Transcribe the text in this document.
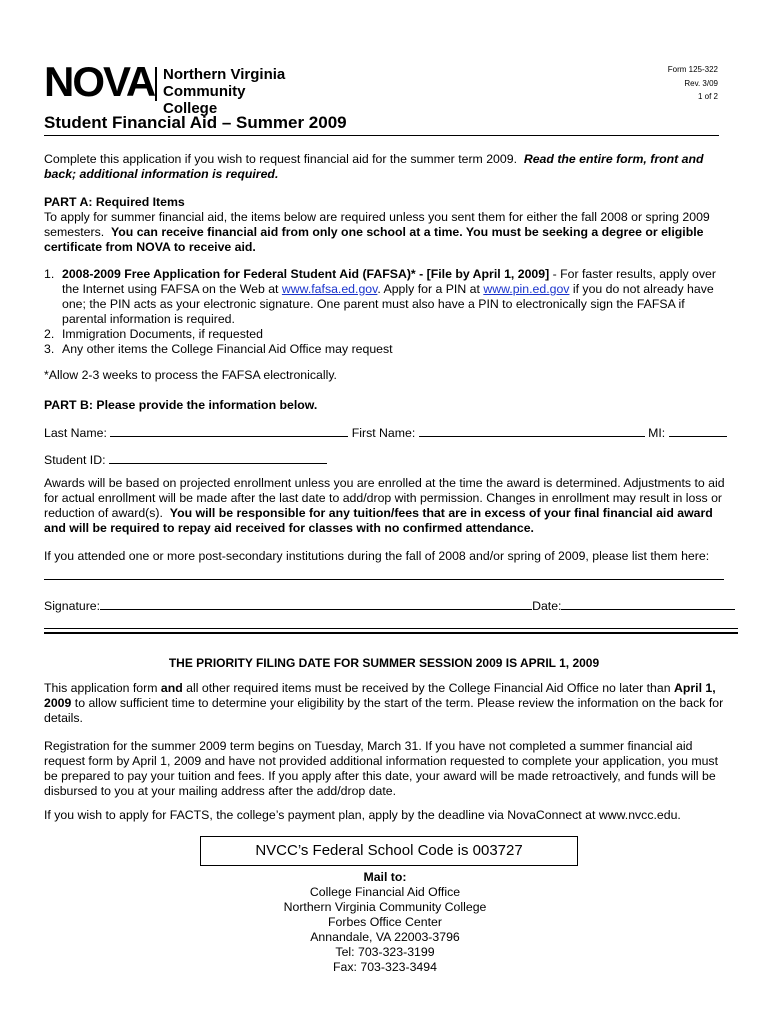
NOVA Northern Virginia
Community College
Form 125-322
Rev. 3/09
1 of 2
Student Financial Aid – Summer 2009

Complete this application if you wish to request financial aid for the summer term 2009. Read the entire form, front and back; additional information is required.

PART A: Required Items

To apply for summer financial aid, the items below are required unless you sent them for either the fall 2008 or spring 2009 semesters. You can receive financial aid from only one school at a time. You must be seeking a degree or eligible certificate from NOVA to receive aid.

1. 2008-2009 Free Application for Federal Student Aid (FAFSA)* - [File by April 1, 2009] - For faster results, apply over the Internet using FAFSA on the Web at www.fafsa.ed.gov. Apply for a PIN at www.pin.ed.gov if you do not already have one; the PIN acts as your electronic signature. One parent must also have a PIN to electronically sign the FAFSA if parental information is required.
2. Immigration Documents, if requested
3. Any other items the College Financial Aid Office may request
*Allow 2-3 weeks to process the FAFSA electronically.
PART B: Please provide the information below.
Last Name:	First Name:	MI:
Student ID:

Awards will be based on projected enrollment unless you are enrolled at the time the award is determined. Adjustments to aid for actual enrollment will be made after the last date to add/drop with permission. Changes in enrollment may result in loss or reduction of award(s). You will be responsible for any tuition/fees that are in excess of your final financial aid award and will be required to repay aid received for classes with no confirmed attendance.

If you attended one or more post-secondary institutions during the fall of 2008 and/or spring of 2009, please list them here:
Signature:	Date:
THE PRIORITY FILING DATE FOR SUMMER SESSION 2009 IS APRIL 1, 2009

This application form and all other required items must be received by the College Financial Aid Office no later than April 1, 2009 to allow sufficient time to determine your eligibility by the start of the term. Please review the information on the back for details.

Registration for the summer 2009 term begins on Tuesday, March 31. If you have not completed a summer financial aid request form by April 1, 2009 and have not provided additional information requested to complete your application, you must be prepared to pay your tuition and fees. If you apply after this date, your award will be made retroactively, and funds will be disbursed to you at your mailing address after the add/drop date.

If you wish to apply for FACTS, the college’s payment plan, apply by the deadline via NovaConnect at www.nvcc.edu.

NVCC’s Federal School Code is 003727
Mail to:
College Financial Aid Office
Northern Virginia Community College
Forbes Office Center
Annandale, VA 22003-3796
Tel: 703-323-3199
Fax: 703-323-3494
